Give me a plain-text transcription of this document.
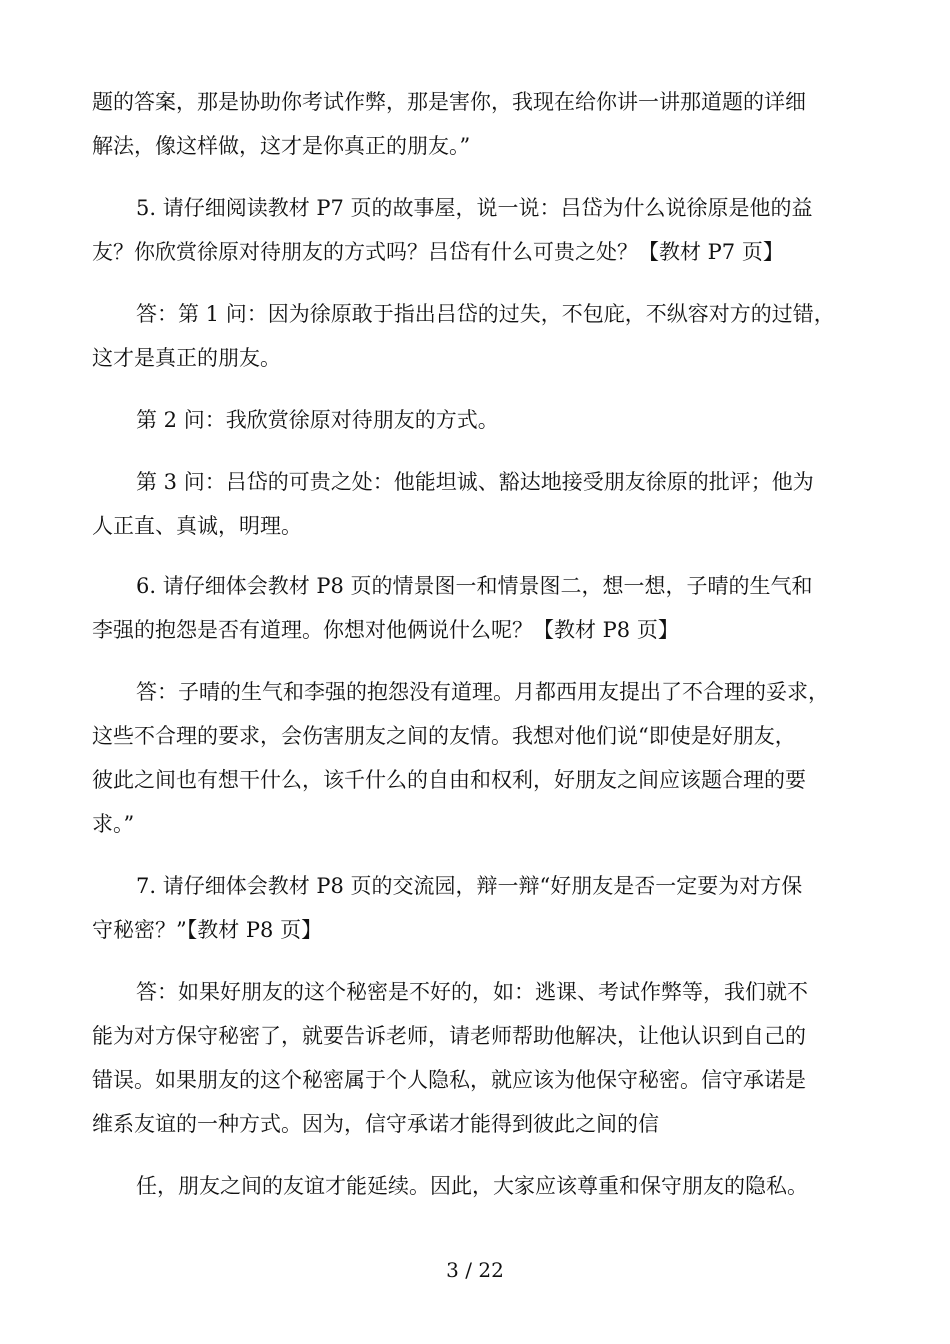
题的答案，那是协助你考试作弊，那是害你，我现在给你讲一讲那道题的详细
解法，像这样做，这才是你真正的朋友。”
5. 请仔细阅读教材 P7 页的故事屋，说一说：吕岱为什么说徐原是他的益
友？你欣赏徐原对待朋友的方式吗？吕岱有什么可贵之处？【教材 P7 页】
答：第 1 问：因为徐原敢于指出吕岱的过失，不包庇，不纵容对方的过错，
这才是真正的朋友。
第 2 问：我欣赏徐原对待朋友的方式。
第 3 问：吕岱的可贵之处：他能坦诚、豁达地接受朋友徐原的批评；他为
人正直、真诚，明理。
6. 请仔细体会教材 P8 页的情景图一和情景图二，想一想，子晴的生气和
李强的抱怨是否有道理。你想对他俩说什么呢？【教材 P8 页】
答：子晴的生气和李强的抱怨没有道理。月都西用友提出了不合理的妥求，
这些不合理的要求，会伤害朋友之间的友情。我想对他们说“即使是好朋友，
彼此之间也有想干什么，该千什么的自由和权利，好朋友之间应该题合理的要
求。”
7. 请仔细体会教材 P8 页的交流园，辩一辩“好朋友是否一定要为对方保
守秘密？”【教材 P8 页】
答：如果好朋友的这个秘密是不好的，如：逃课、考试作弊等，我们就不
能为对方保守秘密了，就要告诉老师，请老师帮助他解决，让他认识到自己的
错误。如果朋友的这个秘密属于个人隐私，就应该为他保守秘密。信守承诺是
维系友谊的一种方式。因为，信守承诺才能得到彼此之间的信
任，朋友之间的友谊才能延续。因此，大家应该尊重和保守朋友的隐私。
3 / 22
